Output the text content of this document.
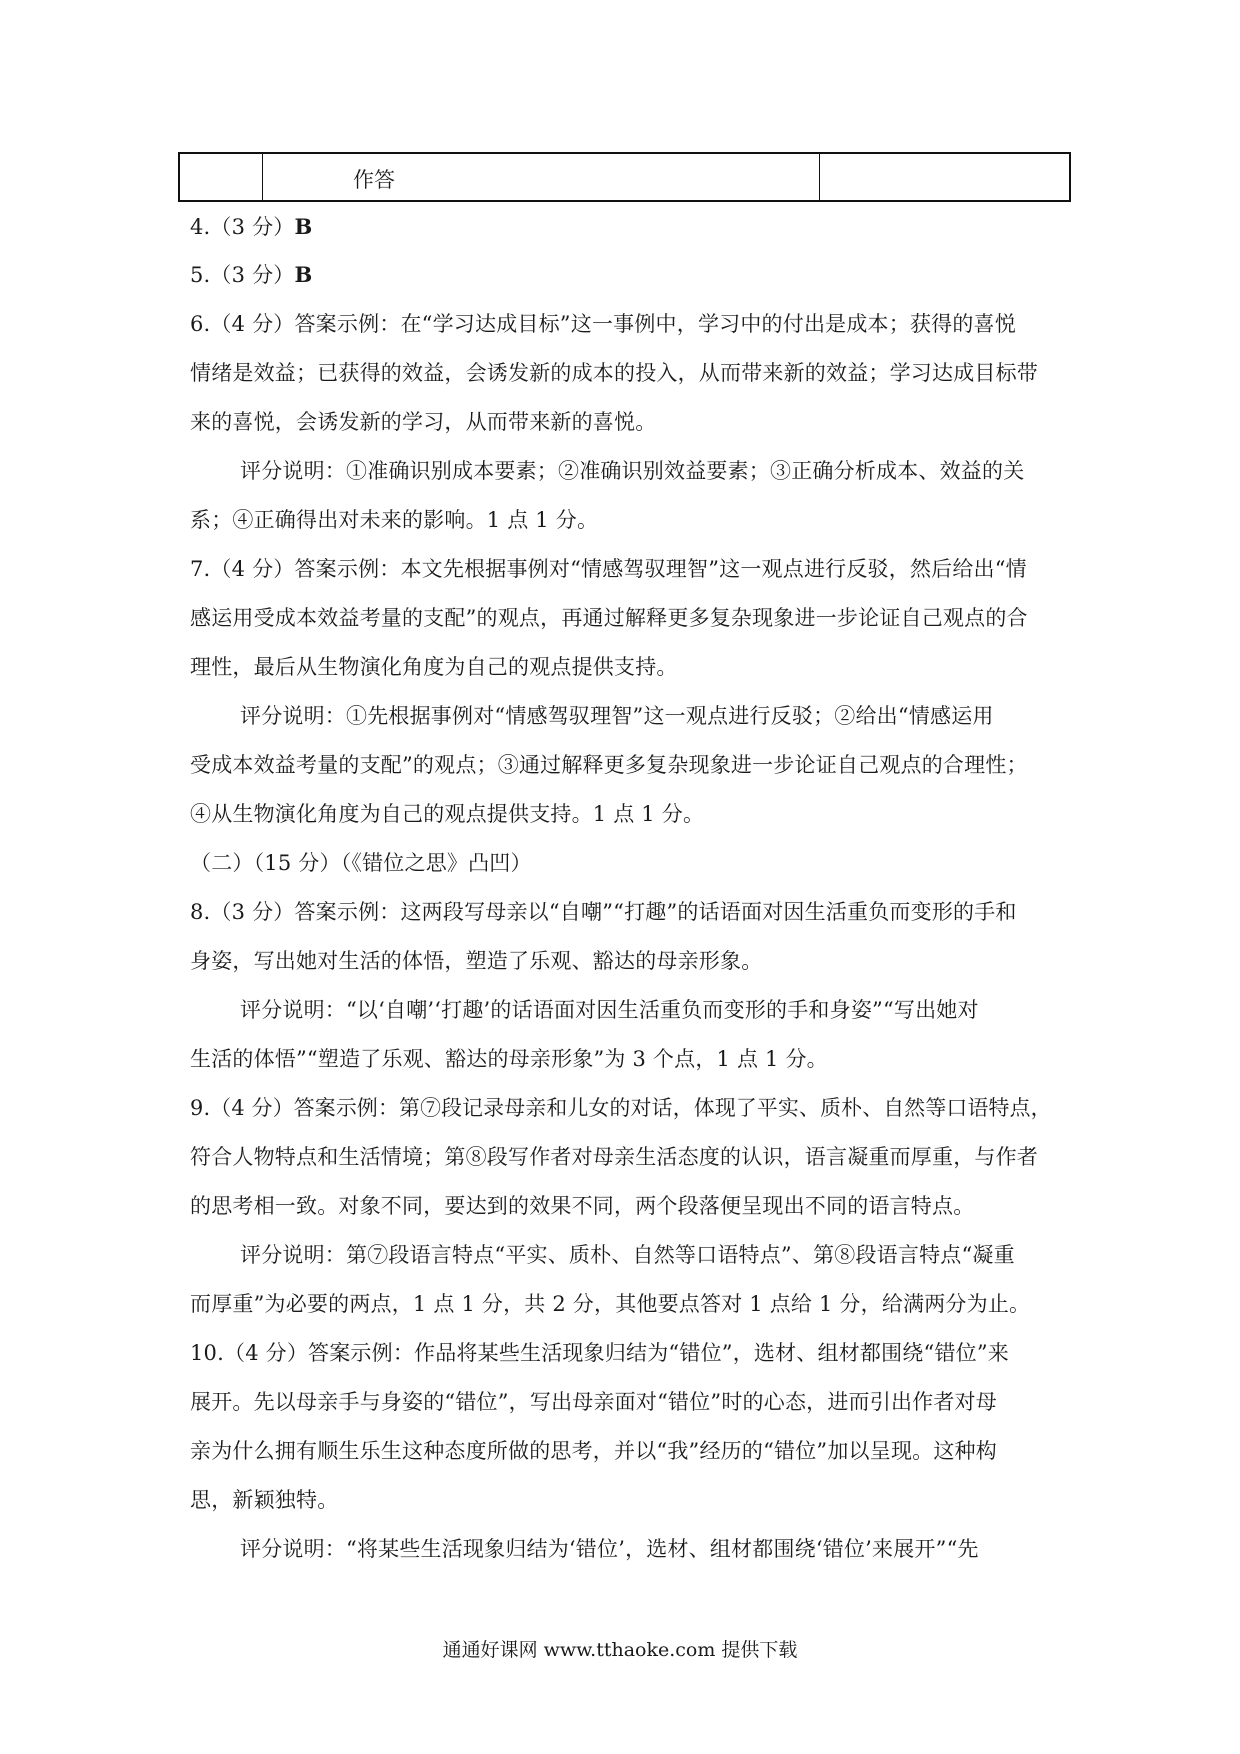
作答
4.（3 分）B
5.（3 分）B
6.（4 分）答案示例：在“学习达成目标”这一事例中，学习中的付出是成本；获得的喜悦
情绪是效益；已获得的效益，会诱发新的成本的投入，从而带来新的效益；学习达成目标带
来的喜悦，会诱发新的学习，从而带来新的喜悦。
评分说明：①准确识别成本要素；②准确识别效益要素；③正确分析成本、效益的关
系；④正确得出对未来的影响。1 点 1 分。
7.（4 分）答案示例：本文先根据事例对“情感驾驭理智”这一观点进行反驳，然后给出“情
感运用受成本效益考量的支配”的观点，再通过解释更多复杂现象进一步论证自己观点的合
理性，最后从生物演化角度为自己的观点提供支持。
评分说明：①先根据事例对“情感驾驭理智”这一观点进行反驳；②给出“情感运用
受成本效益考量的支配”的观点；③通过解释更多复杂现象进一步论证自己观点的合理性；
④从生物演化角度为自己的观点提供支持。1 点 1 分。
（二）（15 分）（《错位之思》凸凹）
8.（3 分）答案示例：这两段写母亲以“自嘲”“打趣”的话语面对因生活重负而变形的手和
身姿，写出她对生活的体悟，塑造了乐观、豁达的母亲形象。
评分说明：“以‘自嘲’‘打趣’的话语面对因生活重负而变形的手和身姿”“写出她对
生活的体悟”“塑造了乐观、豁达的母亲形象”为 3 个点，1 点 1 分。
9.（4 分）答案示例：第⑦段记录母亲和儿女的对话，体现了平实、质朴、自然等口语特点，
符合人物特点和生活情境；第⑧段写作者对母亲生活态度的认识，语言凝重而厚重，与作者
的思考相一致。对象不同，要达到的效果不同，两个段落便呈现出不同的语言特点。
评分说明：第⑦段语言特点“平实、质朴、自然等口语特点”、第⑧段语言特点“凝重
而厚重”为必要的两点，1 点 1 分，共 2 分，其他要点答对 1 点给 1 分，给满两分为止。
10.（4 分）答案示例：作品将某些生活现象归结为“错位”，选材、组材都围绕“错位”来
展开。先以母亲手与身姿的“错位”，写出母亲面对“错位”时的心态，进而引出作者对母
亲为什么拥有顺生乐生这种态度所做的思考，并以“我”经历的“错位”加以呈现。这种构
思，新颖独特。
评分说明：“将某些生活现象归结为‘错位’，选材、组材都围绕‘错位’来展开”“先
通通好课网 www.tthaoke.com 提供下载
